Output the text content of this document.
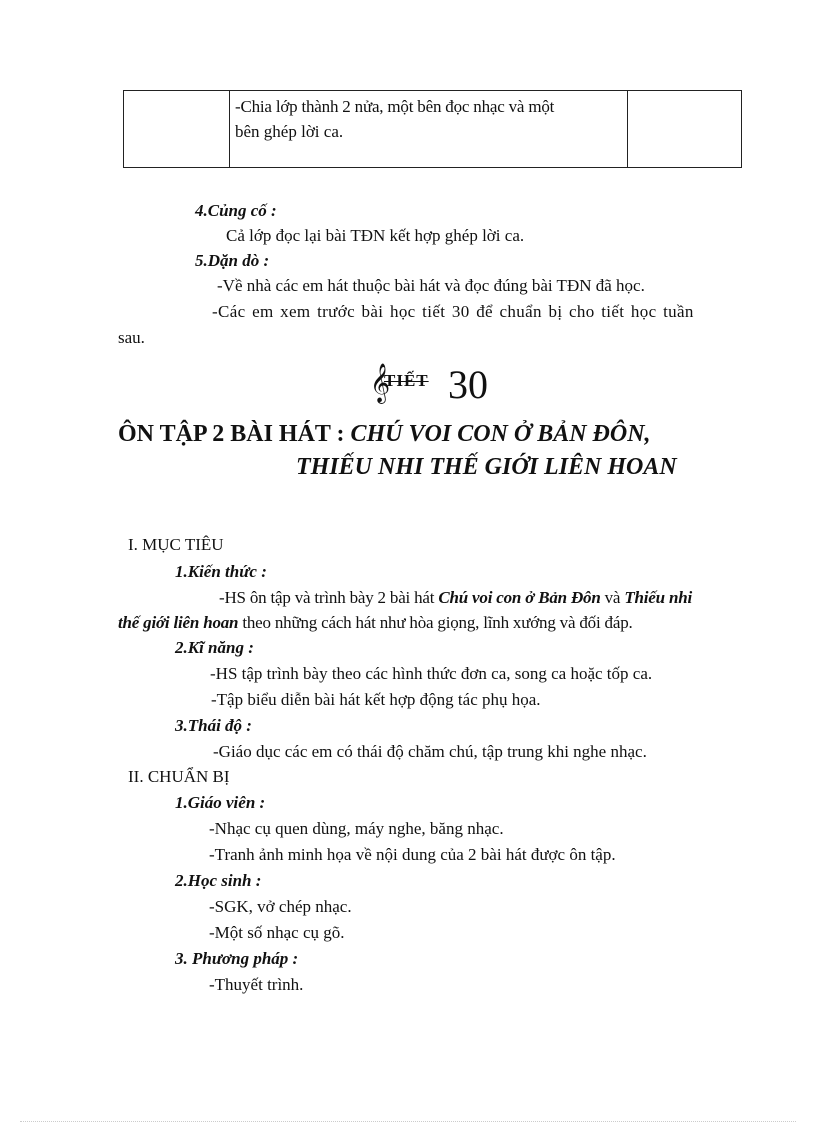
-Chia lớp thành 2 nửa, một bên đọc nhạc và một
bên ghép lời ca.
4.Củng cố :
Cả lớp đọc lại bài TĐN kết hợp ghép lời ca.
5.Dặn dò :
-Về nhà các em hát thuộc bài hát và đọc đúng bài TĐN đã học.
-Các em xem trước bài học tiết 30 để chuẩn bị cho tiết học tuần
sau.
𝄞
TIẾT 30
ÔN TẬP 2 BÀI HÁT : CHÚ VOI CON Ở BẢN ĐÔN,
THIẾU NHI THẾ GIỚI LIÊN HOAN
I. MỤC TIÊU
1.Kiến thức :
-HS ôn tập và trình bày 2 bài hát Chú voi con ở Bản Đôn và Thiếu nhi
thế giới liên hoan theo những cách hát như hòa giọng, lĩnh xướng và đối đáp.
2.Kĩ năng :
-HS tập trình bày theo các hình thức đơn ca, song ca hoặc tốp ca.
-Tập biểu diễn bài hát kết hợp động tác phụ họa.
3.Thái độ :
-Giáo dục các em có thái độ chăm chú, tập trung khi nghe nhạc.
II. CHUẨN BỊ
1.Giáo viên :
-Nhạc cụ quen dùng, máy nghe, băng nhạc.
-Tranh ảnh minh họa về nội dung của 2 bài hát được ôn tập.
2.Học sinh :
-SGK, vở chép nhạc.
-Một số nhạc cụ gõ.
3. Phương pháp :
-Thuyết trình.
